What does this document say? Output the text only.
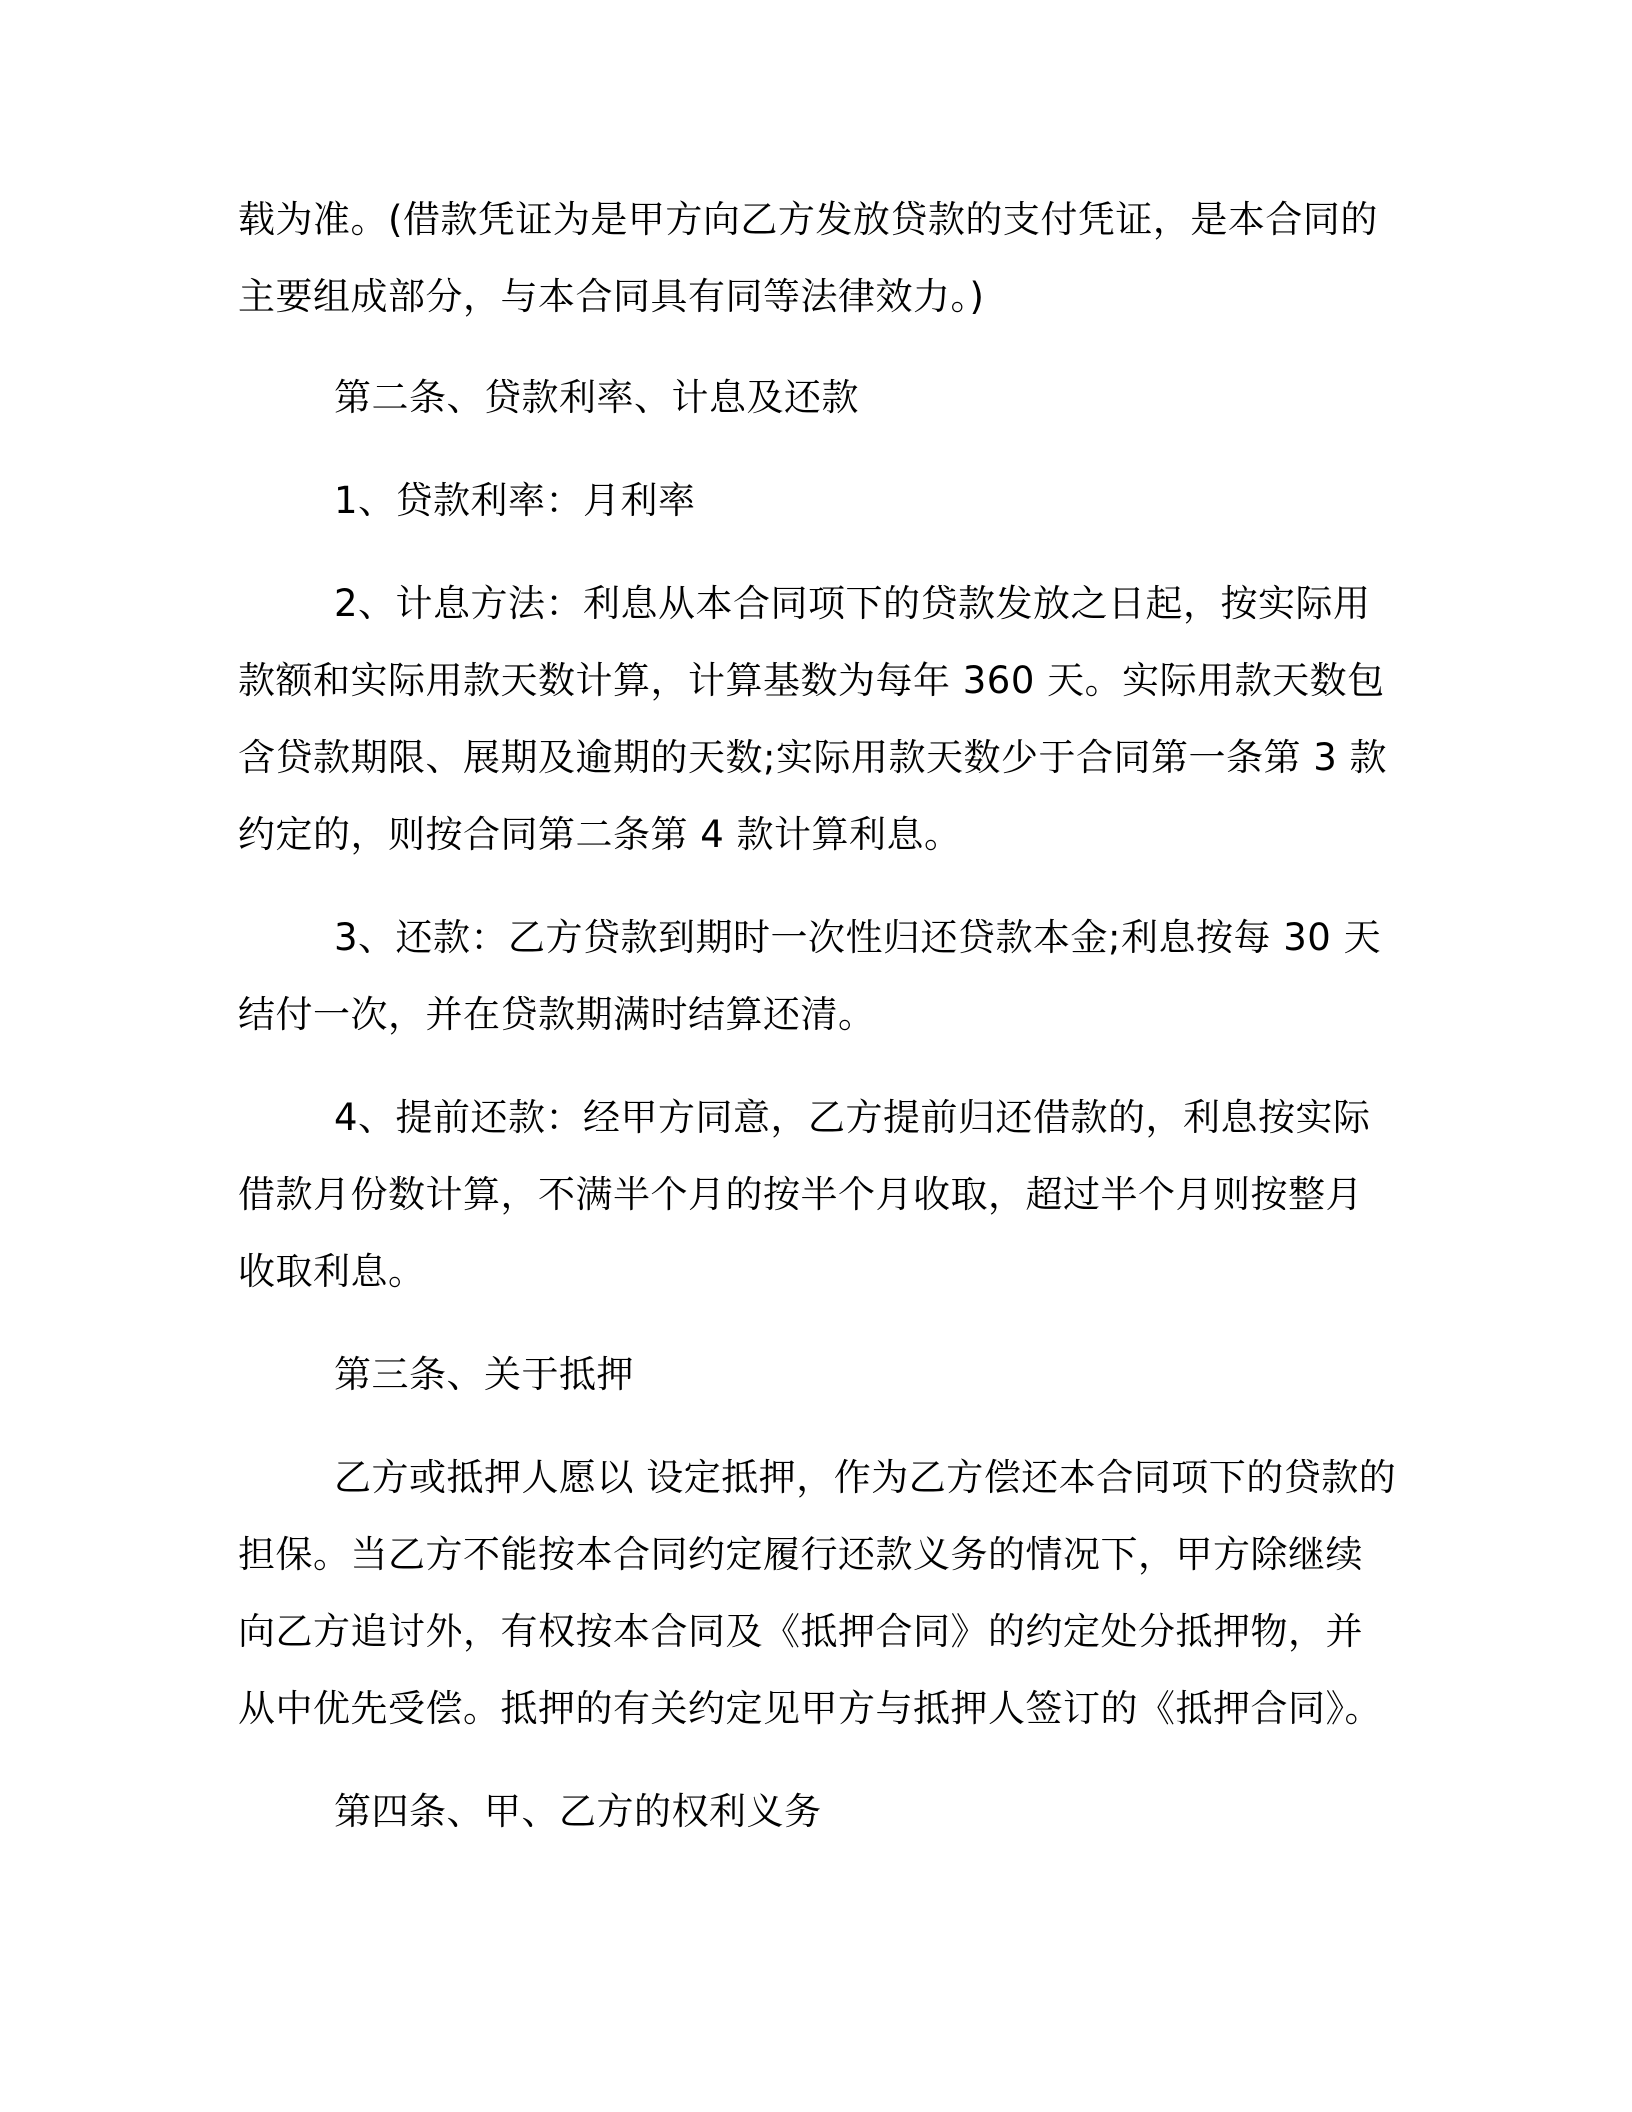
载为准。(借款凭证为是甲方向乙方发放贷款的支付凭证，是本合同的
主要组成部分，与本合同具有同等法律效力。)
第二条、贷款利率、计息及还款
1、贷款利率：月利率
2、计息方法：利息从本合同项下的贷款发放之日起，按实际用
款额和实际用款天数计算，计算基数为每年 360 天。实际用款天数包
含贷款期限、展期及逾期的天数;实际用款天数少于合同第一条第 3 款
约定的，则按合同第二条第 4 款计算利息。
3、还款：乙方贷款到期时一次性归还贷款本金;利息按每 30 天
结付一次，并在贷款期满时结算还清。
4、提前还款：经甲方同意，乙方提前归还借款的，利息按实际
借款月份数计算，不满半个月的按半个月收取，超过半个月则按整月
收取利息。
第三条、关于抵押
乙方或抵押人愿以 设定抵押，作为乙方偿还本合同项下的贷款的
担保。当乙方不能按本合同约定履行还款义务的情况下，甲方除继续
向乙方追讨外，有权按本合同及《抵押合同》的约定处分抵押物，并
从中优先受偿。抵押的有关约定见甲方与抵押人签订的《抵押合同》。
第四条、甲、乙方的权利义务
